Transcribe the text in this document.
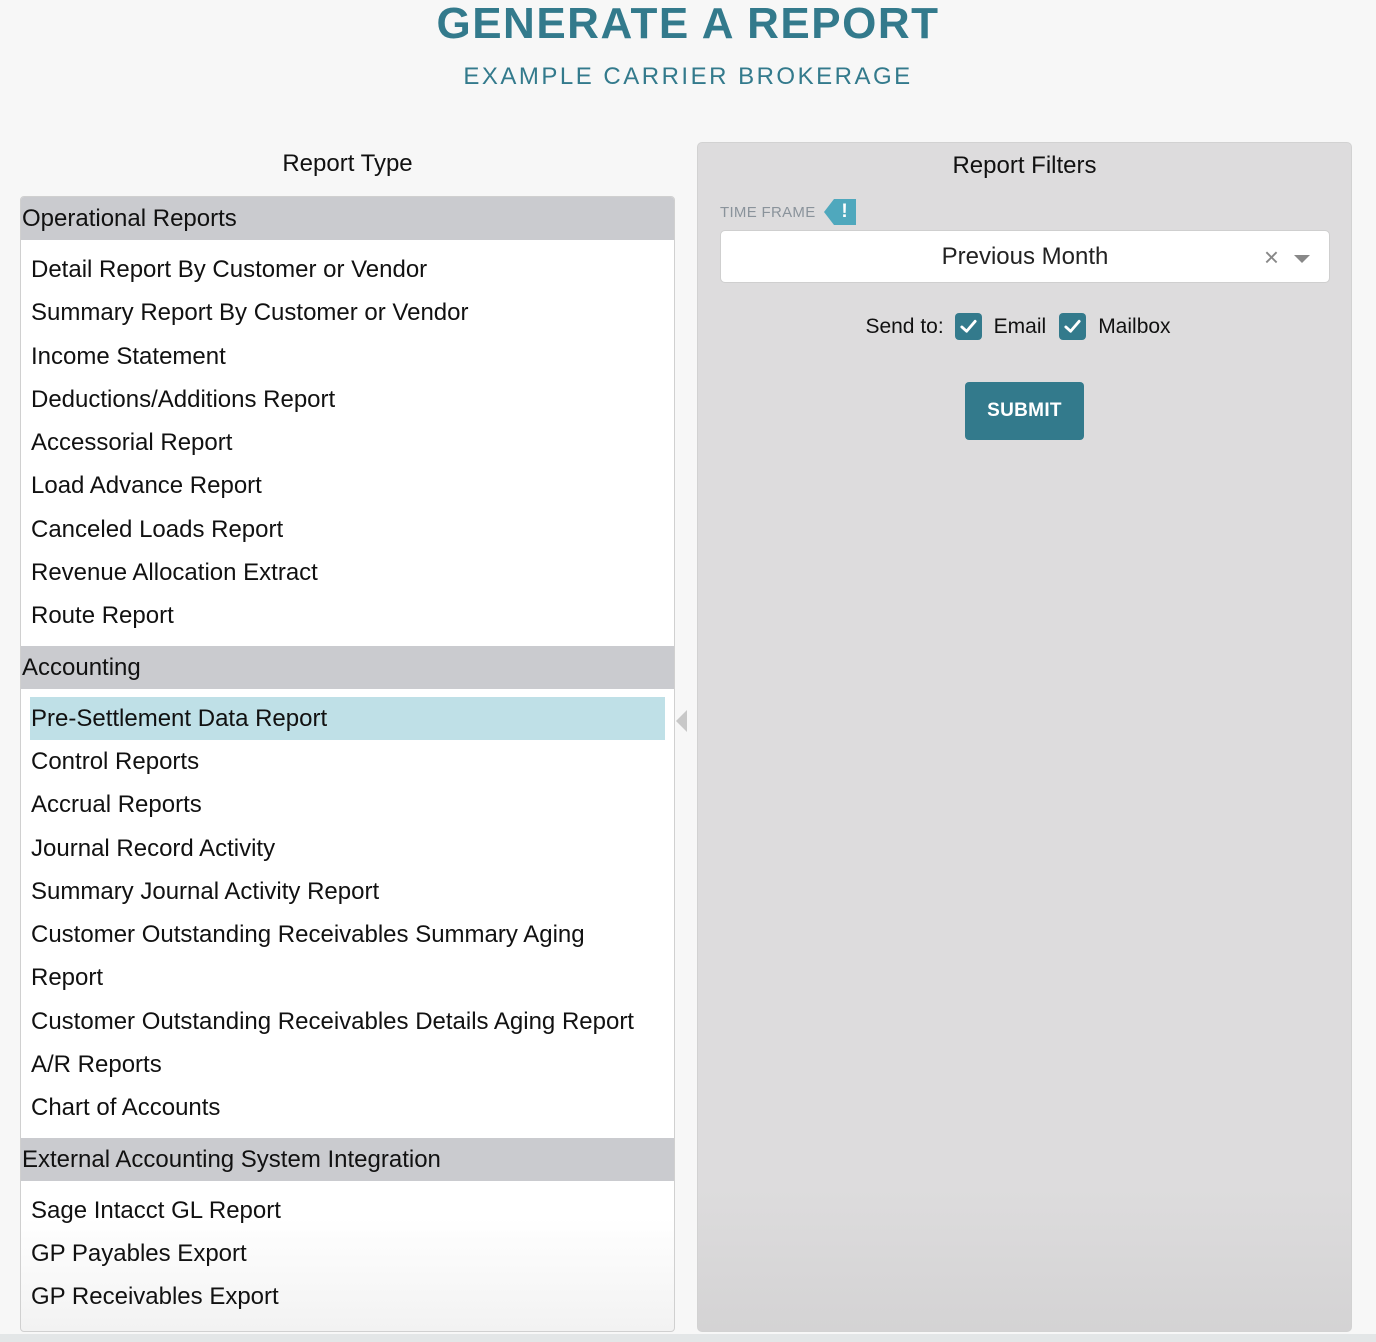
GENERATE A REPORT
EXAMPLE CARRIER BROKERAGE
Report Type
Operational Reports
Detail Report By Customer or Vendor
Summary Report By Customer or Vendor
Income Statement
Deductions/Additions Report
Accessorial Report
Load Advance Report
Canceled Loads Report
Revenue Allocation Extract
Route Report
Accounting
Pre-Settlement Data Report
Control Reports
Accrual Reports
Journal Record Activity
Summary Journal Activity Report
Customer Outstanding Receivables Summary Aging
Report
Customer Outstanding Receivables Details Aging Report
A/R Reports
Chart of Accounts
External Accounting System Integration
Sage Intacct GL Report
GP Payables Export
GP Receivables Export
Report Filters
TIME FRAME	!
Previous Month	×
Send to: Email Mailbox
SUBMIT
